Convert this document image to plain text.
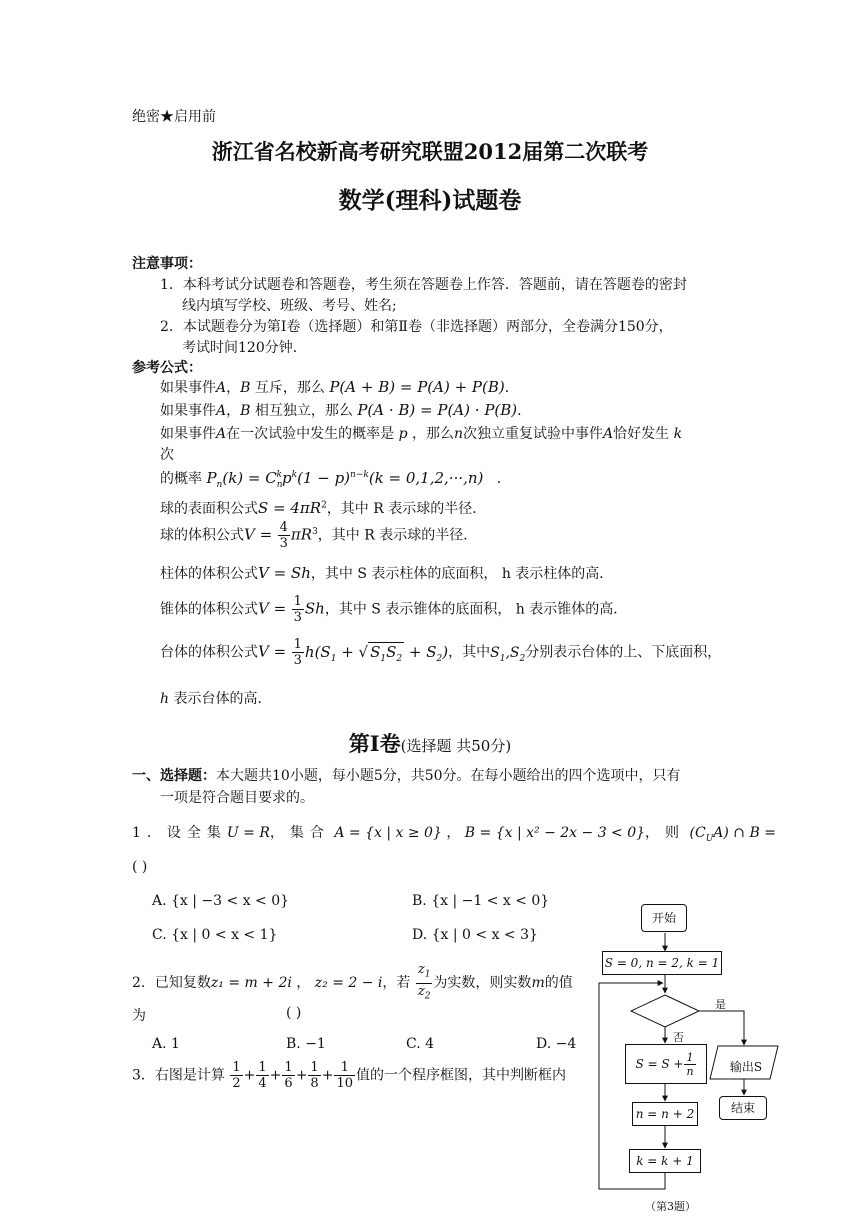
绝密★启用前
浙江省名校新高考研究联盟2012届第二次联考
数学(理科)试题卷
注意事项：
1．本科考试分试题卷和答题卷，考生须在答题卷上作答．答题前，请在答题卷的密封
线内填写学校、班级、考号、姓名;
2．本试题卷分为第Ⅰ卷（选择题）和第Ⅱ卷（非选择题）两部分，全卷满分150分，
考试时间120分钟．
参考公式：
如果事件A，B 互斥，那么 P(A + B) = P(A) + P(B)．
如果事件A，B 相互独立，那么 P(A · B) = P(A) · P(B)．
如果事件A在一次试验中发生的概率是 p ，那么n次独立重复试验中事件A恰好发生 k
次
的概率 $P_n(k) = C_n^kp^k(1 - p)^{n-k}(k = 0,1,2,\cdot\cdot\cdot,n)$   ．
球的表面积公式$S = 4\pi R^2$，其中 R 表示球的半径．
球的体积公式$V = \frac{4}{3} \pi R^3$，其中 R 表示球的半径．
柱体的体积公式V = Sh，其中 S 表示柱体的底面积， h 表示柱体的高．
锥体的体积公式$V = \frac{1}{3}$ Sh，其中 S 表示锥体的底面积， h 表示锥体的高．
台体的体积公式$V = \frac{1}{3} h(S_1$ + √ $S_1S_2 + S_2$)，其中$S_1,S_2$分别表示台体的上、下底面积，
h 表示台体的高．
第Ⅰ卷(选择题 共50分)
一、选择题：本大题共10小题，每小题5分，共50分。在每小题给出的四个选项中，只有
一项是符合题目要求的。
1．设全集U = R，集合 A = {x | x ≥ 0} ， B = {x | x² − 2x − 3 < 0}，则 $(C_UA)$ ∩ B =
( )
A. {x | −3 < x < 0}	B. {x | −1 < x < 0}
C. {x | 0 < x < 1}	D. {x | 0 < x < 3}
2．已知复数z₁ = m + 2i ， z₂ = 2 − i，若 $\frac{z_1}{z_2}$ 为实数，则实数m的值
为	( )
A. 1	B. −1	C. 4	D. −4
3．右图是计算 $\frac{1}{2} + \frac{1}{4} + \frac{1}{6} + \frac{1}{8} + \frac{1}{10}$ 值的一个程序框图，其中判断框内
开始
S = 0, n = 2, k = 1
是
否
$S = S + \frac{1}{n}$	输出S
结束
n = n + 2
k = k + 1
（第3题）
